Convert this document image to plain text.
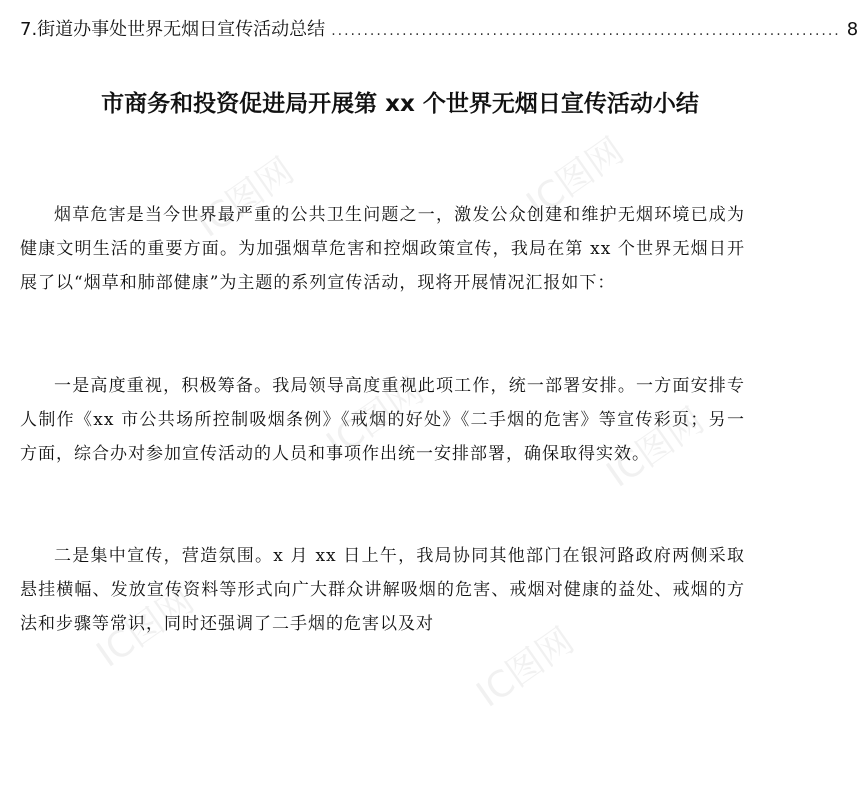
IC图网	IC图网
IC图网	IC图网
IC图网	IC图网
7.街道办事处世界无烟日宣传活动总结 ............................................................................... 8
市商务和投资促进局开展第 xx 个世界无烟日宣传活动小结

烟草危害是当今世界最严重的公共卫生问题之一，激发公众创建和维护无烟环境已成为健康文明生活的重要方面。为加强烟草危害和控烟政策宣传，我局在第 xx 个世界无烟日开展了以“烟草和肺部健康”为主题的系列宣传活动，现将开展情况汇报如下：

一是高度重视，积极筹备。我局领导高度重视此项工作，统一部署安排。一方面安排专人制作《xx 市公共场所控制吸烟条例》《戒烟的好处》《二手烟的危害》等宣传彩页；另一方面，综合办对参加宣传活动的人员和事项作出统一安排部署，确保取得实效。

二是集中宣传，营造氛围。x 月 xx 日上午，我局协同其他部门在银河路政府两侧采取悬挂横幅、发放宣传资料等形式向广大群众讲解吸烟的危害、戒烟对健康的益处、戒烟的方法和步骤等常识，同时还强调了二手烟的危害以及对
